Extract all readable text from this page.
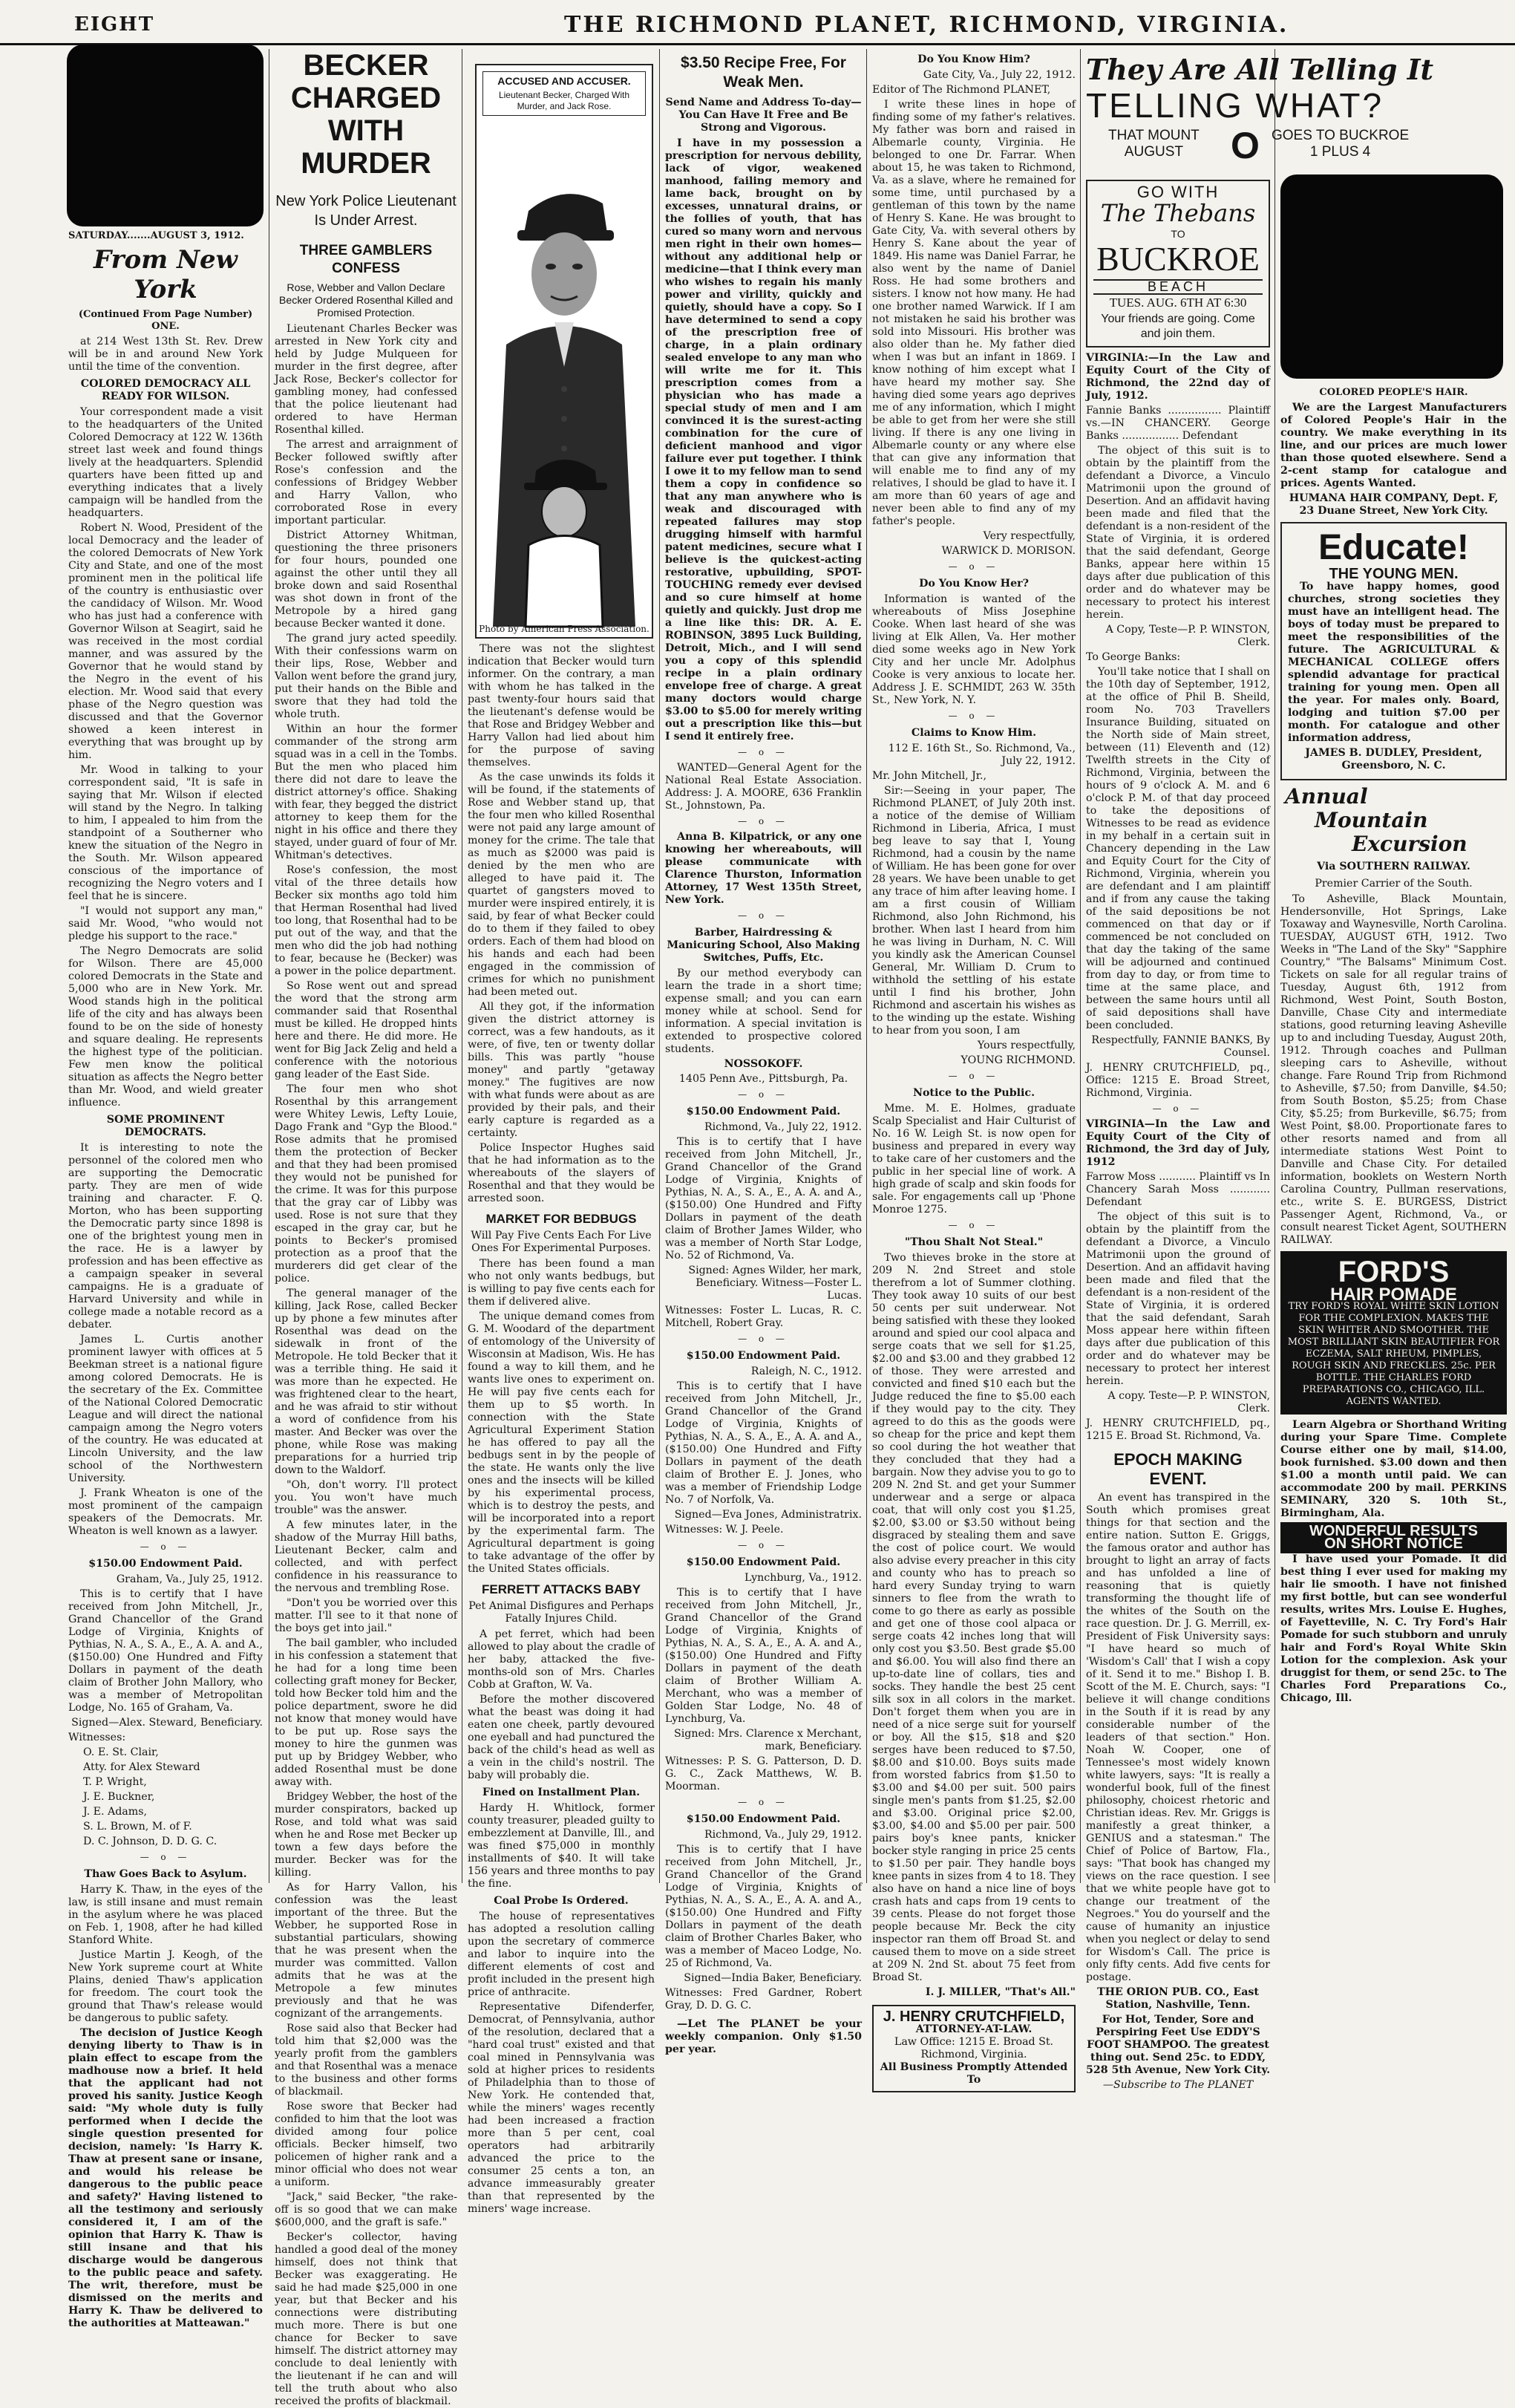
EIGHT	THE RICHMOND PLANET, RICHMOND, VIRGINIA.

SATURDAY.......AUGUST 3, 1912.

From New York
(Continued From Page Number) ONE.

at 214 West 13th St. Rev. Drew will be in and around New York until the time of the convention.

COLORED DEMOCRACY ALL READY FOR WILSON.

Your correspondent made a visit to the headquarters of the United Colored Democracy at 122 W. 136th street last week and found things lively at the headquarters. Splendid quarters have been fitted up and everything indicates that a lively campaign will be handled from the headquarters.

Robert N. Wood, President of the local Democracy and the leader of the colored Democrats of New York City and State, and one of the most prominent men in the political life of the country is enthusiastic over the candidacy of Wilson. Mr. Wood who has just had a conference with Governor Wilson at Seagirt, said he was received in the most cordial manner, and was assured by the Governor that he would stand by the Negro in the event of his election. Mr. Wood said that every phase of the Negro question was discussed and that the Governor showed a keen interest in everything that was brought up by him.

Mr. Wood in talking to your correspondent said, "It is safe in saying that Mr. Wilson if elected will stand by the Negro. In talking to him, I appealed to him from the standpoint of a Southerner who knew the situation of the Negro in the South. Mr. Wilson appeared conscious of the importance of recognizing the Negro voters and I feel that he is sincere.

"I would not support any man," said Mr. Wood, "who would not pledge his support to the race."

The Negro Democrats are solid for Wilson. There are 45,000 colored Democrats in the State and 5,000 who are in New York. Mr. Wood stands high in the political life of the city and has always been found to be on the side of honesty and square dealing. He represents the highest type of the politician. Few men know the political situation as affects the Negro better than Mr. Wood, and wield greater influence.

SOME PROMINENT DEMOCRATS.

It is interesting to note the personnel of the colored men who are supporting the Democratic party. They are men of wide training and character. F. Q. Morton, who has been supporting the Democratic party since 1898 is one of the brightest young men in the race. He is a lawyer by profession and has been effective as a campaign speaker in several campaigns. He is a graduate of Harvard University and while in college made a notable record as a debater.

James L. Curtis another prominent lawyer with offices at 5 Beekman street is a national figure among colored Democrats. He is the secretary of the Ex. Committee of the National Colored Democratic League and will direct the national campaign among the Negro voters of the country. He was educated at Lincoln University, and the law school of the Northwestern University.

J. Frank Wheaton is one of the most prominent of the campaign speakers of the Democrats. Mr. Wheaton is well known as a lawyer.

— o —
$150.00 Endowment Paid.

Graham, Va., July 25, 1912.

This is to certify that I have received from John Mitchell, Jr., Grand Chancellor of the Grand Lodge of Virginia, Knights of Pythias, N. A., S. A., E., A. A. and A., ($150.00) One Hundred and Fifty Dollars in payment of the death claim of Brother John Mallory, who was a member of Metropolitan Lodge, No. 165 of Graham, Va.

Signed—Alex. Steward, Beneficiary.

Witnesses:

O. E. St. Clair,

Atty. for Alex Steward

T. P. Wright,

J. E. Buckner,

J. E. Adams,

S. L. Brown, M. of F.

D. C. Johnson, D. D. G. C.

— o —
Thaw Goes Back to Asylum.

Harry K. Thaw, in the eyes of the law, is still insane and must remain in the asylum where he was placed on Feb. 1, 1908, after he had killed Stanford White.

Justice Martin J. Keogh, of the New York supreme court at White Plains, denied Thaw's application for freedom. The court took the ground that Thaw's release would be dangerous to public safety.

The decision of Justice Keogh denying liberty to Thaw is in plain effect to escape from the madhouse now a brief. It held that the applicant had not proved his sanity. Justice Keogh said: "My whole duty is fully performed when I decide the single question presented for decision, namely: 'Is Harry K. Thaw at present sane or insane, and would his release be dangerous to the public peace and safety?' Having listened to all the testimony and seriously considered it, I am of the opinion that Harry K. Thaw is still insane and that his discharge would be dangerous to the public peace and safety. The writ, therefore, must be dismissed on the merits and Harry K. Thaw be delivered to the authorities at Matteawan."

BECKER CHARGED WITH MURDER
New York Police Lieutenant Is Under Arrest.
THREE GAMBLERS CONFESS
Rose, Webber and Vallon Declare Becker Ordered Rosenthal Killed and Promised Protection.

Lieutenant Charles Becker was arrested in New York city and held by Judge Mulqueen for murder in the first degree, after Jack Rose, Becker's collector for gambling money, had confessed that the police lieutenant had ordered to have Herman Rosenthal killed.

The arrest and arraignment of Becker followed swiftly after Rose's confession and the confessions of Bridgey Webber and Harry Vallon, who corroborated Rose in every important particular.

District Attorney Whitman, questioning the three prisoners for four hours, pounded one against the other until they all broke down and said Rosenthal was shot down in front of the Metropole by a hired gang because Becker wanted it done.

The grand jury acted speedily. With their confessions warm on their lips, Rose, Webber and Vallon went before the grand jury, put their hands on the Bible and swore that they had told the whole truth.

Within an hour the former commander of the strong arm squad was in a cell in the Tombs. But the men who placed him there did not dare to leave the district attorney's office. Shaking with fear, they begged the district attorney to keep them for the night in his office and there they stayed, under guard of four of Mr. Whitman's detectives.

Rose's confession, the most vital of the three details how Becker six months ago told him that Herman Rosenthal had lived too long, that Rosenthal had to be put out of the way, and that the men who did the job had nothing to fear, because he (Becker) was a power in the police department.

So Rose went out and spread the word that the strong arm commander said that Rosenthal must be killed. He dropped hints here and there. He did more. He went for Big Jack Zelig and held a conference with the notorious gang leader of the East Side.

The four men who shot Rosenthal by this arrangement were Whitey Lewis, Lefty Louie, Dago Frank and "Gyp the Blood." Rose admits that he promised them the protection of Becker and that they had been promised they would not be punished for the crime. It was for this purpose that the gray car of Libby was used. Rose is not sure that they escaped in the gray car, but he points to Becker's promised protection as a proof that the murderers did get clear of the police.

The general manager of the killing, Jack Rose, called Becker up by phone a few minutes after Rosenthal was dead on the sidewalk in front of the Metropole. He told Becker that it was a terrible thing. He said it was more than he expected. He was frightened clear to the heart, and he was afraid to stir without a word of confidence from his master. And Becker was over the phone, while Rose was making preparations for a hurried trip down to the Waldorf.

"Oh, don't worry. I'll protect you. You won't have much trouble" was the answer.

A few minutes later, in the shadow of the Murray Hill baths, Lieutenant Becker, calm and collected, and with perfect confidence in his reassurance to the nervous and trembling Rose.

"Don't you be worried over this matter. I'll see to it that none of the boys get into jail."

The bail gambler, who included in his confession a statement that he had for a long time been collecting graft money for Becker, told how Becker told him and the police department, swore he did not know that money would have to be put up. Rose says the money to hire the gunmen was put up by Bridgey Webber, who added Rosenthal must be done away with.

Bridgey Webber, the host of the murder conspirators, backed up Rose, and told what was said when he and Rose met Becker up town a few days before the murder. Becker was for the killing.

As for Harry Vallon, his confession was the least important of the three. But the Webber, he supported Rose in substantial particulars, showing that he was present when the murder was committed. Vallon admits that he was at the Metropole a few minutes previously and that he was cognizant of the arrangements.

Rose said also that Becker had told him that $2,000 was the yearly profit from the gamblers and that Rosenthal was a menace to the business and other forms of blackmail.

Rose swore that Becker had confided to him that the loot was divided among four police officials. Becker himself, two policemen of higher rank and a minor official who does not wear a uniform.

"Jack," said Becker, "the rake-off is so good that we can make $600,000, and the graft is safe."

Becker's collector, having handled a good deal of the money himself, does not think that Becker was exaggerating. He said he had made $25,000 in one year, but that Becker and his connections were distributing much more. There is but one chance for Becker to save himself. The district attorney may conclude to deal leniently with the lieutenant if he can and will tell the truth about who also received the profits of blackmail.

ACCUSED AND ACCUSER.
Lieutenant Becker, Charged With Murder, and Jack Rose.
Photo by American Press Association.

There was not the slightest indication that Becker would turn informer. On the contrary, a man with whom he has talked in the past twenty-four hours said that the lieutenant's defense would be that Rose and Bridgey Webber and Harry Vallon had lied about him for the purpose of saving themselves.

As the case unwinds its folds it will be found, if the statements of Rose and Webber stand up, that the four men who killed Rosenthal were not paid any large amount of money for the crime. The tale that as much as $2000 was paid is denied by the men who are alleged to have paid it. The quartet of gangsters moved to murder were inspired entirely, it is said, by fear of what Becker could do to them if they failed to obey orders. Each of them had blood on his hands and each had been engaged in the commission of crimes for which no punishment had been meted out.

All they got, if the information given the district attorney is correct, was a few handouts, as it were, of five, ten or twenty dollar bills. This was partly "house money" and partly "getaway money." The fugitives are now with what funds were about as are provided by their pals, and their early capture is regarded as a certainty.

Police Inspector Hughes said that he had information as to the whereabouts of the slayers of Rosenthal and that they would be arrested soon.

MARKET FOR BEDBUGS
Will Pay Five Cents Each For Live Ones For Experimental Purposes.

There has been found a man who not only wants bedbugs, but is willing to pay five cents each for them if delivered alive.

The unique demand comes from G. M. Woodard of the department of entomology of the University of Wisconsin at Madison, Wis. He has found a way to kill them, and he wants live ones to experiment on. He will pay five cents each for them up to $5 worth. In connection with the State Agricultural Experiment Station he has offered to pay all the bedbugs sent in by the people of the state. He wants only the live ones and the insects will be killed by his experimental process, which is to destroy the pests, and will be incorporated into a report by the experimental farm. The Agricultural department is going to take advantage of the offer by the United States officials.

FERRETT ATTACKS BABY
Pet Animal Disfigures and Perhaps Fatally Injures Child.

A pet ferret, which had been allowed to play about the cradle of her baby, attacked the five-months-old son of Mrs. Charles Cobb at Grafton, W. Va.

Before the mother discovered what the beast was doing it had eaten one cheek, partly devoured one eyeball and had punctured the back of the child's head as well as a vein in the child's nostril. The baby will probably die.

Fined on Installment Plan.

Hardy H. Whitlock, former county treasurer, pleaded guilty to embezzlement at Danville, Ill., and was fined $75,000 in monthly installments of $40. It will take 156 years and three months to pay the fine.

Coal Probe Is Ordered.

The house of representatives has adopted a resolution calling upon the secretary of commerce and labor to inquire into the different elements of cost and profit included in the present high price of anthracite.

Representative Difenderfer, Democrat, of Pennsylvania, author of the resolution, declared that a "hard coal trust" existed and that coal mined in Pennsylvania was sold at higher prices to residents of Philadelphia than to those of New York. He contended that, while the miners' wages recently had been increased a fraction more than 5 per cent, coal operators had arbitrarily advanced the price to the consumer 25 cents a ton, an advance immeasurably greater than that represented by the miners' wage increase.

$3.50 Recipe Free, For Weak Men.
Send Name and Address To-day—You Can Have It Free and Be Strong and Vigorous.

I have in my possession a prescription for nervous debility, lack of vigor, weakened manhood, failing memory and lame back, brought on by excesses, unnatural drains, or the follies of youth, that has cured so many worn and nervous men right in their own homes—without any additional help or medicine—that I think every man who wishes to regain his manly power and virility, quickly and quietly, should have a copy. So I have determined to send a copy of the prescription free of charge, in a plain ordinary sealed envelope to any man who will write me for it. This prescription comes from a physician who has made a special study of men and I am convinced it is the surest-acting combination for the cure of deficient manhood and vigor failure ever put together. I think I owe it to my fellow man to send them a copy in confidence so that any man anywhere who is weak and discouraged with repeated failures may stop drugging himself with harmful patent medicines, secure what I believe is the quickest-acting restorative, upbuilding, SPOT-TOUCHING remedy ever devised and so cure himself at home quietly and quickly. Just drop me a line like this: DR. A. E. ROBINSON, 3895 Luck Building, Detroit, Mich., and I will send you a copy of this splendid recipe in a plain ordinary envelope free of charge. A great many doctors would charge $3.00 to $5.00 for merely writing out a prescription like this—but I send it entirely free.

— o —

WANTED—General Agent for the National Real Estate Association. Address: J. A. MOORE, 636 Franklin St., Johnstown, Pa.

— o —

Anna B. Kilpatrick, or any one knowing her whereabouts, will please communicate with Clarence Thurston, Information Attorney, 17 West 135th Street, New York.

— o —
Barber, Hairdressing & Manicuring School, Also Making Switches, Puffs, Etc.

By our method everybody can learn the trade in a short time; expense small; and you can earn money while at school. Send for information. A special invitation is extended to prospective colored students.

NOSSOKOFF.

1405 Penn Ave., Pittsburgh, Pa.

— o —
$150.00 Endowment Paid.

Richmond, Va., July 22, 1912.

This is to certify that I have received from John Mitchell, Jr., Grand Chancellor of the Grand Lodge of Virginia, Knights of Pythias, N. A., S. A., E., A. A. and A., ($150.00) One Hundred and Fifty Dollars in payment of the death claim of Brother James Wilder, who was a member of North Star Lodge, No. 52 of Richmond, Va.

Signed: Agnes Wilder, her mark, Beneficiary. Witness—Foster L. Lucas.

Witnesses: Foster L. Lucas, R. C. Mitchell, Robert Gray.

— o —
$150.00 Endowment Paid.

Raleigh, N. C., 1912.

This is to certify that I have received from John Mitchell, Jr., Grand Chancellor of the Grand Lodge of Virginia, Knights of Pythias, N. A., S. A., E., A. A. and A., ($150.00) One Hundred and Fifty Dollars in payment of the death claim of Brother E. J. Jones, who was a member of Friendship Lodge No. 7 of Norfolk, Va.

Signed—Eva Jones, Administratrix.

Witnesses: W. J. Peele.

— o —
$150.00 Endowment Paid.

Lynchburg, Va., 1912.

This is to certify that I have received from John Mitchell, Jr., Grand Chancellor of the Grand Lodge of Virginia, Knights of Pythias, N. A., S. A., E., A. A. and A., ($150.00) One Hundred and Fifty Dollars in payment of the death claim of Brother William A. Merchant, who was a member of Golden Star Lodge, No. 48 of Lynchburg, Va.

Signed: Mrs. Clarence x Merchant, mark, Beneficiary.

Witnesses: P. S. G. Patterson, D. D. G. C., Zack Matthews, W. B. Moorman.

— o —
$150.00 Endowment Paid.

Richmond, Va., July 29, 1912.

This is to certify that I have received from John Mitchell, Jr., Grand Chancellor of the Grand Lodge of Virginia, Knights of Pythias, N. A., S. A., E., A. A. and A., ($150.00) One Hundred and Fifty Dollars in payment of the death claim of Brother Charles Baker, who was a member of Maceo Lodge, No. 25 of Richmond, Va.

Signed—India Baker, Beneficiary.

Witnesses: Fred Gardner, Robert Gray, D. D. G. C.

—Let The PLANET be your weekly companion. Only $1.50 per year.

Do You Know Him?

Gate City, Va., July 22, 1912.

Editor of The Richmond PLANET,

I write these lines in hope of finding some of my father's relatives. My father was born and raised in Albemarle county, Virginia. He belonged to one Dr. Farrar. When about 15, he was taken to Richmond, Va. as a slave, where he remained for some time, until purchased by a gentleman of this town by the name of Henry S. Kane. He was brought to Gate City, Va. with several others by Henry S. Kane about the year of 1849. His name was Daniel Farrar, he also went by the name of Daniel Ross. He had some brothers and sisters. I know not how many. He had one brother named Warwick. If I am not mistaken he said his brother was sold into Missouri. His brother was also older than he. My father died when I was but an infant in 1869. I know nothing of him except what I have heard my mother say. She having died some years ago deprives me of any information, which I might be able to get from her were she still living. If there is any one living in Albemarle county or any where else that can give any information that will enable me to find any of my relatives, I should be glad to have it. I am more than 60 years of age and never been able to find any of my father's people.

Very respectfully,

WARWICK D. MORISON.

— o —
Do You Know Her?

Information is wanted of the whereabouts of Miss Josephine Cooke. When last heard of she was living at Elk Allen, Va. Her mother died some weeks ago in New York City and her uncle Mr. Adolphus Cooke is very anxious to locate her. Address J. E. SCHMIDT, 263 W. 35th St., New York, N. Y.

— o —
Claims to Know Him.

112 E. 16th St., So. Richmond, Va., July 22, 1912.

Mr. John Mitchell, Jr.,

Sir:—Seeing in your paper, The Richmond PLANET, of July 20th inst. a notice of the demise of William Richmond in Liberia, Africa, I must beg leave to say that I, Young Richmond, had a cousin by the name of William. He has been gone for over 28 years. We have been unable to get any trace of him after leaving home. I am a first cousin of William Richmond, also John Richmond, his brother. When last I heard from him he was living in Durham, N. C. Will you kindly ask the American Counsel General, Mr. William D. Crum to withhold the settling of his estate until I find his brother, John Richmond and ascertain his wishes as to the winding up the estate. Wishing to hear from you soon, I am

Yours respectfully,

YOUNG RICHMOND.

— o —
Notice to the Public.

Mme. M. E. Holmes, graduate Scalp Specialist and Hair Culturist of No. 16 W. Leigh St. is now open for business and prepared in every way to take care of her customers and the public in her special line of work. A high grade of scalp and skin foods for sale. For engagements call up 'Phone Monroe 1275.

— o —
"Thou Shalt Not Steal."

Two thieves broke in the store at 209 N. 2nd Street and stole therefrom a lot of Summer clothing. They took away 10 suits of our best 50 cents per suit underwear. Not being satisfied with these they looked around and spied our cool alpaca and serge coats that we sell for $1.25, $2.00 and $3.00 and they grabbed 12 of those. They were arrested and convicted and fined $10 each but the Judge reduced the fine to $5.00 each if they would pay to the city. They agreed to do this as the goods were so cheap for the price and kept them so cool during the hot weather that they concluded that they had a bargain. Now they advise you to go to 209 N. 2nd St. and get your Summer underwear and a serge or alpaca coat, that will only cost you $1.25, $2.00, $3.00 or $3.50 without being disgraced by stealing them and save the cost of police court. We would also advise every preacher in this city and county who has to preach so hard every Sunday trying to warn sinners to flee from the wrath to come to go there as early as possible and get one of those cool alpaca or serge coats 42 inches long that will only cost you $3.50. Best grade $5.00 and $6.00. You will also find there an up-to-date line of collars, ties and socks. They handle the best 25 cent silk sox in all colors in the market. Don't forget them when you are in need of a nice serge suit for yourself or boy. All the $15, $18 and $20 serges have been reduced to $7.50, $8.00 and $10.00. Boys suits made from worsted fabrics from $1.50 to $3.00 and $4.00 per suit. 500 pairs single men's pants from $1.25, $2.00 and $3.00. Original price $2.00, $3.00, $4.00 and $5.00 per pair. 500 pairs boy's knee pants, knicker bocker style ranging in price 25 cents to $1.50 per pair. They handle boys knee pants in sizes from 4 to 18. They also have on hand a nice line of boys crash hats and caps from 19 cents to 39 cents. Please do not forget those people because Mr. Beck the city inspector ran them off Broad St. and caused them to move on a side street at 209 N. 2nd St. about 75 feet from Broad St.

I. J. MILLER, "That's All."

J. HENRY CRUTCHFIELD,
ATTORNEY-AT-LAW.
Law Office: 1215 E. Broad St.
Richmond, Virginia.
All Business Promptly Attended To
They Are All Telling It
TELLING WHAT?
THAT MOUNT
AUGUST	O GOES TO BUCKROE
1 PLUS 4
GO WITH
The Thebans
TO
BUCKROE
BEACH
TUES. AUG. 6TH AT 6:30
Your friends are going. Come and join them.

VIRGINIA:—In the Law and Equity Court of the City of Richmond, the 22nd day of July, 1912.

Fannie Banks ................ Plaintiff vs.—IN CHANCERY. George Banks ................. Defendant

The object of this suit is to obtain by the plaintiff from the defendant a Divorce, a Vinculo Matrimonii upon the ground of Desertion. And an affidavit having been made and filed that the defendant is a non-resident of the State of Virginia, it is ordered that the said defendant, George Banks, appear here within 15 days after due publication of this order and do whatever may be necessary to protect his interest herein.

A Copy, Teste—P. P. WINSTON, Clerk.

To George Banks:

You'll take notice that I shall on the 10th day of September, 1912, at the office of Phil B. Sheild, room No. 703 Travellers Insurance Building, situated on the North side of Main street, between (11) Eleventh and (12) Twelfth streets in the City of Richmond, Virginia, between the hours of 9 o'clock A. M. and 6 o'clock P. M. of that day proceed to take the depositions of Witnesses to be read as evidence in my behalf in a certain suit in Chancery depending in the Law and Equity Court for the City of Richmond, Virginia, wherein you are defendant and I am plaintiff and if from any cause the taking of the said depositions be not commenced on that day or if commenced be not concluded on that day the taking of the same will be adjourned and continued from day to day, or from time to time at the same place, and between the same hours until all of said depositions shall have been concluded.

Respectfully, FANNIE BANKS, By Counsel.

J. HENRY CRUTCHFIELD, pq., Office: 1215 E. Broad Street, Richmond, Virginia.

— o —

VIRGINIA—In the Law and Equity Court of the City of Richmond, the 3rd day of July, 1912

Farrow Moss ........... Plaintiff vs In Chancery Sarah Moss ............ Defendant

The object of this suit is to obtain by the plaintiff from the defendant a Divorce, a Vinculo Matrimonii upon the ground of Desertion. And an affidavit having been made and filed that the defendant is a non-resident of the State of Virginia, it is ordered that the said defendant, Sarah Moss appear here within fifteen days after due publication of this order and do whatever may be necessary to protect her interest herein.

A copy. Teste—P. P. WINSTON, Clerk.

J. HENRY CRUTCHFIELD, pq., 1215 E. Broad St. Richmond, Va.

EPOCH MAKING EVENT.

An event has transpired in the South which promises great things for that section and the entire nation. Sutton E. Griggs, the famous orator and author has brought to light an array of facts and has unfolded a line of reasoning that is quietly transforming the thought life of the whites of the South on the race question. Dr. J. G. Merrill, ex-President of Fisk University says: "I have heard so much of 'Wisdom's Call' that I wish a copy of it. Send it to me." Bishop I. B. Scott of the M. E. Church, says: "I believe it will change conditions in the South if it is read by any considerable number of the leaders of that section." Hon. Noah W. Cooper, one of Tennessee's most widely known white lawyers, says: "It is really a wonderful book, full of the finest philosophy, choicest rhetoric and Christian ideas. Rev. Mr. Griggs is manifestly a great thinker, a GENIUS and a statesman." The Chief of Police of Bartow, Fla., says: "That book has changed my views on the race question. I see that we white people have got to change our treatment of the Negroes." You do yourself and the cause of humanity an injustice when you neglect or delay to send for Wisdom's Call. The price is only fifty cents. Add five cents for postage.

THE ORION PUB. CO., East Station, Nashville, Tenn.

For Hot, Tender, Sore and Perspiring Feet Use EDDY'S FOOT SHAMPOO. The greatest thing out. Send 25c. to EDDY, 528 5th Avenue, New York City.

—Subscribe to The PLANET

COLORED PEOPLE'S HAIR.

We are the Largest Manufacturers of Colored People's Hair in the country. We make everything in its line, and our prices are much lower than those quoted elsewhere. Send a 2-cent stamp for catalogue and prices. Agents Wanted.

HUMANA HAIR COMPANY, Dept. F, 23 Duane Street, New York City.

Educate!
THE YOUNG MEN.

To have happy homes, good churches, strong societies they must have an intelligent head. The boys of today must be prepared to meet the responsibilities of the future. The AGRICULTURAL & MECHANICAL COLLEGE offers splendid advantage for practical training for young men. Open all the year. For males only. Board, lodging and tuition $7.00 per month. For catalogue and other information address,

JAMES B. DUDLEY, President, Greensboro, N. C.

Annual
Mountain
Excursion
Via SOUTHERN RAILWAY.
Premier Carrier of the South.

To Asheville, Black Mountain, Hendersonville, Hot Springs, Lake Toxaway and Waynesville, North Carolina. TUESDAY, AUGUST 6TH, 1912. Two Weeks in "The Land of the Sky" "Sapphire Country," "The Balsams" Minimum Cost. Tickets on sale for all regular trains of Tuesday, August 6th, 1912 from Richmond, West Point, South Boston, Danville, Chase City and intermediate stations, good returning leaving Asheville up to and including Tuesday, August 20th, 1912. Through coaches and Pullman sleeping cars to Asheville, without change. Fare Round Trip from Richmond to Asheville, $7.50; from Danville, $4.50; from South Boston, $5.25; from Chase City, $5.25; from Burkeville, $6.75; from West Point, $8.00. Proportionate fares to other resorts named and from all intermediate stations West Point to Danville and Chase City. For detailed information, booklets on Western North Carolina Country, Pullman reservations, etc., write S. E. BURGESS, District Passenger Agent, Richmond, Va., or consult nearest Ticket Agent, SOUTHERN RAILWAY.

FORD'S
HAIR POMADE

TRY FORD'S ROYAL WHITE SKIN LOTION FOR THE COMPLEXION. MAKES THE SKIN WHITER AND SMOOTHER. THE MOST BRILLIANT SKIN BEAUTIFIER FOR ECZEMA, SALT RHEUM, PIMPLES, ROUGH SKIN AND FRECKLES. 25c. PER BOTTLE. THE CHARLES FORD PREPARATIONS CO., CHICAGO, ILL. AGENTS WANTED.

Learn Algebra or Shorthand Writing during your Spare Time. Complete Course either one by mail, $14.00, book furnished. $3.00 down and then $1.00 a month until paid. We can accommodate 200 by mail. PERKINS SEMINARY, 320 S. 10th St., Birmingham, Ala.

WONDERFUL RESULTS
ON SHORT NOTICE

I have used your Pomade. It did best thing I ever used for making my hair lie smooth. I have not finished my first bottle, but can see wonderful results, writes Mrs. Louise E. Hughes, of Fayetteville, N. C. Try Ford's Hair Pomade for such stubborn and unruly hair and Ford's Royal White Skin Lotion for the complexion. Ask your druggist for them, or send 25c. to The Charles Ford Preparations Co., Chicago, Ill.
